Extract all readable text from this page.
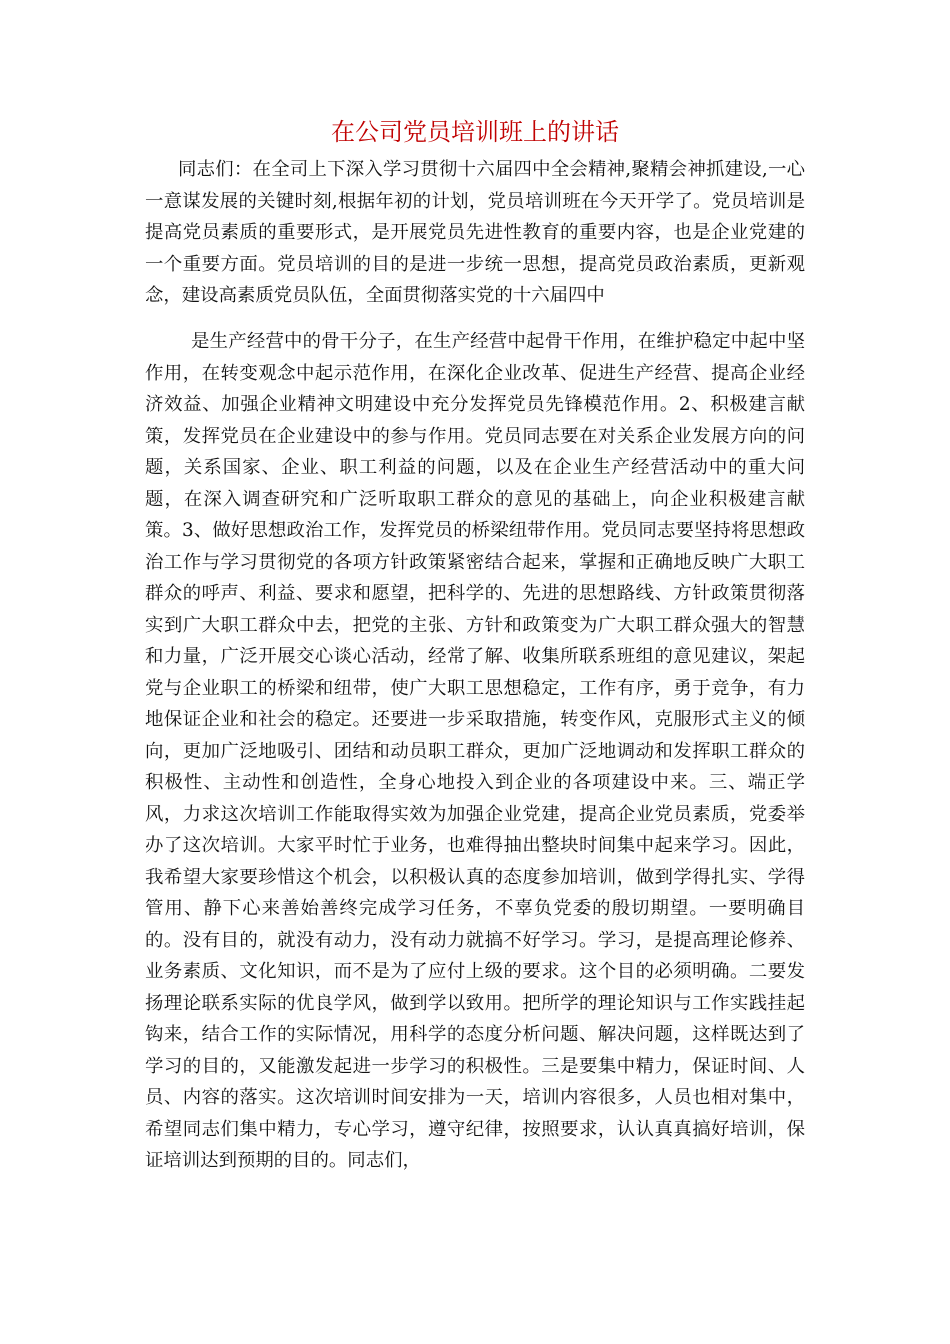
在公司党员培训班上的讲话

同志们：在全司上下深入学习贯彻十六届四中全会精神,聚精会神抓建设,一心一意谋发展的关键时刻,根据年初的计划，党员培训班在今天开学了。党员培训是提高党员素质的重要形式，是开展党员先进性教育的重要内容，也是企业党建的一个重要方面。党员培训的目的是进一步统一思想，提高党员政治素质，更新观念，建设高素质党员队伍，全面贯彻落实党的十六届四中

是生产经营中的骨干分子，在生产经营中起骨干作用，在维护稳定中起中坚作用，在转变观念中起示范作用，在深化企业改革、促进生产经营、提高企业经济效益、加强企业精神文明建设中充分发挥党员先锋模范作用。2、积极建言献策，发挥党员在企业建设中的参与作用。党员同志要在对关系企业发展方向的问题，关系国家、企业、职工利益的问题，以及在企业生产经营活动中的重大问题，在深入调查研究和广泛听取职工群众的意见的基础上，向企业积极建言献策。3、做好思想政治工作，发挥党员的桥梁纽带作用。党员同志要坚持将思想政治工作与学习贯彻党的各项方针政策紧密结合起来，掌握和正确地反映广大职工群众的呼声、利益、要求和愿望，把科学的、先进的思想路线、方针政策贯彻落实到广大职工群众中去，把党的主张、方针和政策变为广大职工群众强大的智慧和力量，广泛开展交心谈心活动，经常了解、收集所联系班组的意见建议，架起党与企业职工的桥梁和纽带，使广大职工思想稳定，工作有序，勇于竞争，有力地保证企业和社会的稳定。还要进一步采取措施，转变作风，克服形式主义的倾向，更加广泛地吸引、团结和动员职工群众，更加广泛地调动和发挥职工群众的积极性、主动性和创造性，全身心地投入到企业的各项建设中来。三、端正学风，力求这次培训工作能取得实效为加强企业党建，提高企业党员素质，党委举办了这次培训。大家平时忙于业务，也难得抽出整块时间集中起来学习。因此，我希望大家要珍惜这个机会，以积极认真的态度参加培训，做到学得扎实、学得管用、静下心来善始善终完成学习任务，不辜负党委的殷切期望。一要明确目的。没有目的，就没有动力，没有动力就搞不好学习。学习，是提高理论修养、业务素质、文化知识，而不是为了应付上级的要求。这个目的必须明确。二要发扬理论联系实际的优良学风，做到学以致用。把所学的理论知识与工作实践挂起钩来，结合工作的实际情况，用科学的态度分析问题、解决问题，这样既达到了学习的目的，又能激发起进一步学习的积极性。三是要集中精力，保证时间、人员、内容的落实。这次培训时间安排为一天，培训内容很多，人员也相对集中，希望同志们集中精力，专心学习，遵守纪律，按照要求，认认真真搞好培训，保证培训达到预期的目的。同志们，
